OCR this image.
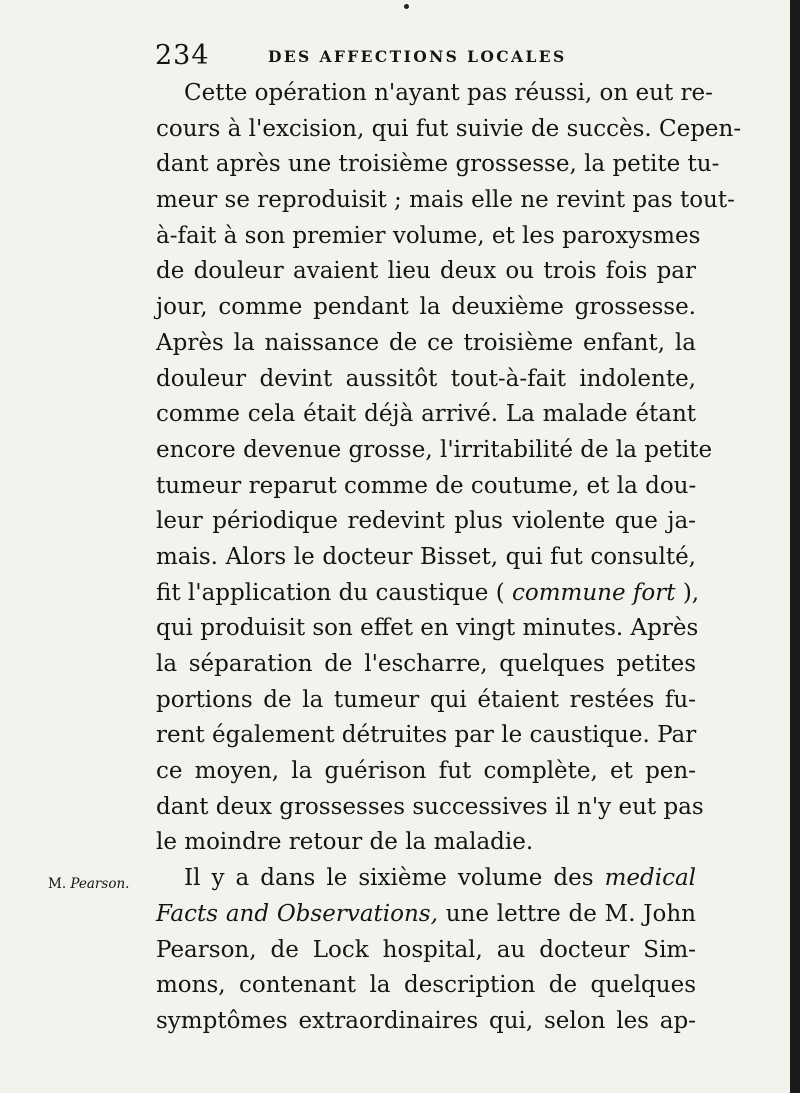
234	DES AFFECTIONS LOCALES
M. Pearson.
Cette opération n'ayant pas réussi, on eut re-
cours à l'excision, qui fut suivie de succès. Cepen-
dant après une troisième grossesse, la petite tu-
meur se reproduisit ; mais elle ne revint pas tout-
à-fait à son premier volume, et les paroxysmes
de douleur avaient lieu deux ou trois fois par
jour, comme pendant la deuxième grossesse.
Après la naissance de ce troisième enfant, la
douleur devint aussitôt tout-à-fait indolente,
comme cela était déjà arrivé. La malade étant
encore devenue grosse, l'irritabilité de la petite
tumeur reparut comme de coutume, et la dou-
leur périodique redevint plus violente que ja-
mais. Alors le docteur Bisset, qui fut consulté,
fit l'application du caustique ( commune fort ),
qui produisit son effet en vingt minutes. Après
la séparation de l'escharre, quelques petites
portions de la tumeur qui étaient restées fu-
rent également détruites par le caustique. Par
ce moyen, la guérison fut complète, et pen-
dant deux grossesses successives il n'y eut pas
le moindre retour de la maladie.
Il y a dans le sixième volume des medical
Facts and Observations, une lettre de M. John
Pearson, de Lock hospital, au docteur Sim-
mons, contenant la description de quelques
symptômes extraordinaires qui, selon les ap-
